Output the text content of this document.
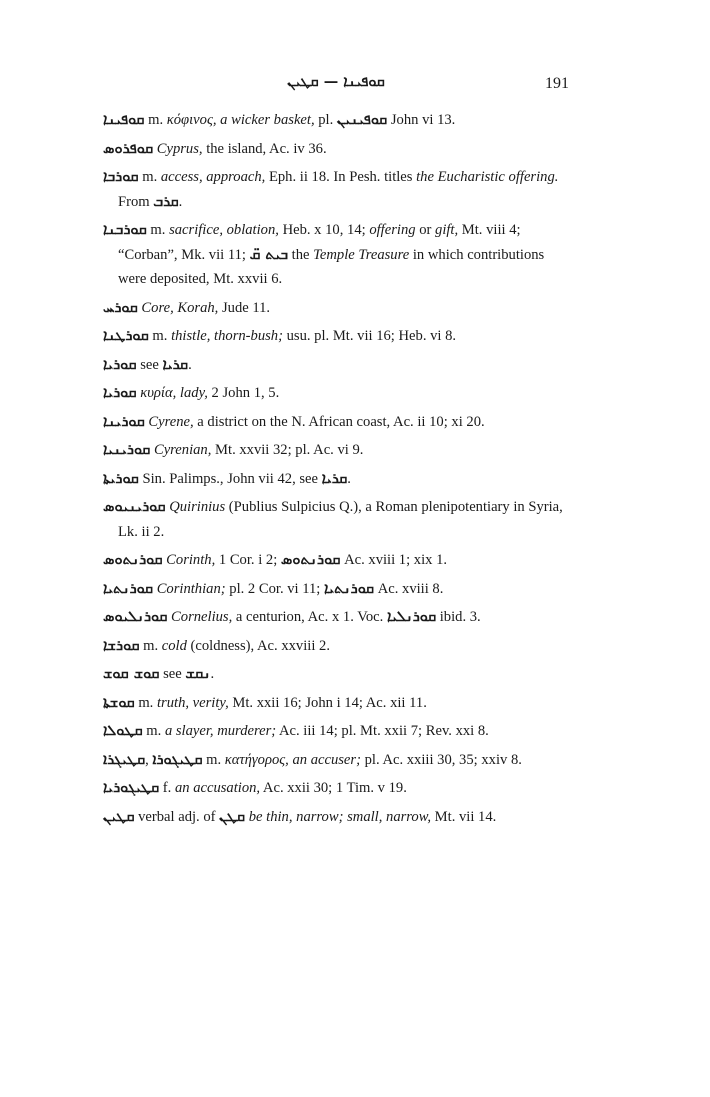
ܩܘܦܝܢܐ — ܩܛܝܢ	191

ܩܘܦܝܢܐ m. κόφινος, a wicker basket, pl. ܩܘܦܝܢܝܢ John vi 13.

ܩܘܦܪܘܣ Cyprus, the island, Ac. iv 36.

ܩܘܪܒܐ m. access, approach, Eph. ii 18. In Pesh. titles the Eucharistic offering. From ܩܪܒ.

ܩܘܪܒܢܐ m. sacrifice, oblation, Heb. x 10, 14; offering or gift, Mt. viii 4; “Corban”, Mk. vii 11; ܒܝܬ ܩ̈ the Temple Treasure in which contributions were deposited, Mt. xxvii 6.

ܩܘܪܚ Core, Korah, Jude 11.

ܩܘܪܛܢܐ m. thistle, thorn-bush; usu. pl. Mt. vii 16; Heb. vi 8.

ܩܘܪܝܐ see ܩܪܝܐ.

ܩܘܪܝܐ κυρία, lady, 2 John 1, 5.

ܩܘܪܝܢܐ Cyrene, a district on the N. African coast, Ac. ii 10; xi 20.

ܩܘܪܝܢܝܐ Cyrenian, Mt. xxvii 32; pl. Ac. vi 9.

ܩܘܪܝܬܐ Sin. Palimps., John vii 42, see ܩܪܝܐ.

ܩܘܪܝܢܝܘܣ Quirinius (Publius Sulpicius Q.), a Roman plenipotentiary in Syria, Lk. ii 2.

ܩܘܪܢܬܘܣ Corinth, 1 Cor. i 2; ܩܘܪܢܬܘܣ Ac. xviii 1; xix 1.

ܩܘܪܢܬܝܐ Corinthian; pl. 2 Cor. vi 11; ܩܘܪܢܬܝܐ Ac. xviii 8.

ܩܘܪܢܠܝܘܣ Cornelius, a centurion, Ac. x 1. Voc. ܩܘܪܢܠܝܐ ibid. 3.

ܩܘܪܫܐ m. cold (coldness), Ac. xxviii 2.

ܩܘܫ ܩܘܫ see ܢܩܫ.

ܩܘܫܬܐ m. truth, verity, Mt. xxii 16; John i 14; Ac. xii 11.

ܩܛܘܠܐ m. a slayer, murderer; Ac. iii 14; pl. Mt. xxii 7; Rev. xxi 8.

ܩܛܝܓܪܐ, ܩܛܝܓܘܪܐ m. κατήγορος, an accuser; pl. Ac. xxiii 30, 35; xxiv 8.

ܩܛܝܓܘܪܝܐ f. an accusation, Ac. xxii 30; 1 Tim. v 19.

ܩܛܝܢ verbal adj. of ܩܛܢ be thin, narrow; small, narrow, Mt. vii 14.
